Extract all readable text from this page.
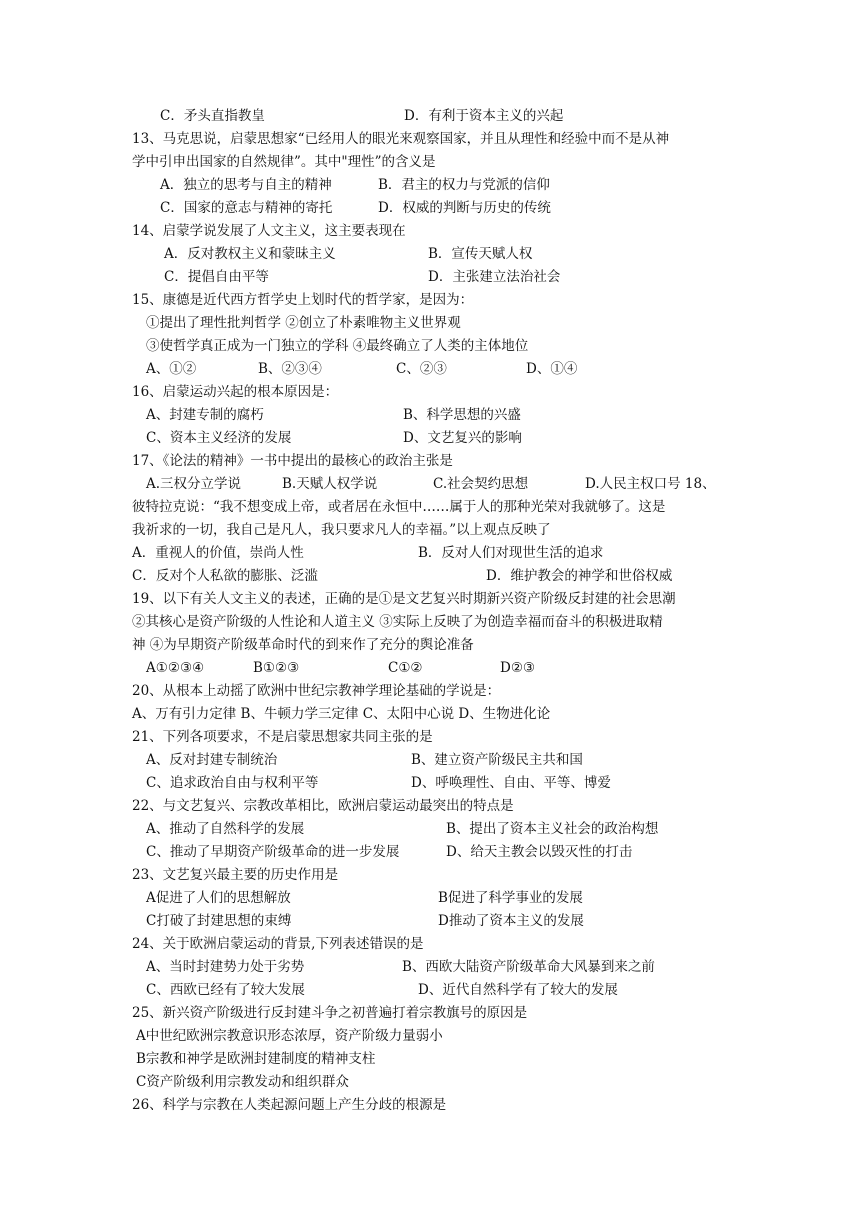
C．矛头直指教皇	D．有利于资本主义的兴起
13、马克思说，启蒙思想家“已经用人的眼光来观察国家，并且从理性和经验中而不是从神
学中引申出国家的自然规律”。其中"理性”的含义是
A．独立的思考与自主的精神	B．君主的权力与党派的信仰
C．国家的意志与精神的寄托	D．权威的判断与历史的传统
14、启蒙学说发展了人文主义，这主要表现在
A．反对教权主义和蒙昧主义	B．宣传天赋人权
C．提倡自由平等	D．主张建立法治社会
15、康德是近代西方哲学史上划时代的哲学家，是因为：
①提出了理性批判哲学 ②创立了朴素唯物主义世界观
③使哲学真正成为一门独立的学科 ④最终确立了人类的主体地位
A、①②	B、②③④	C、②③	D、①④
16、启蒙运动兴起的根本原因是：
A、封建专制的腐朽	B、科学思想的兴盛
C、资本主义经济的发展	D、文艺复兴的影响
17、《论法的精神》一书中提出的最核心的政治主张是
A.三权分立学说	B.天赋人权学说	C.社会契约思想	D.人民主权口号 18、
彼特拉克说：“我不想变成上帝，或者居在永恒中……属于人的那种光荣对我就够了。这是
我祈求的一切，我自己是凡人，我只要求凡人的幸福。”以上观点反映了
A．重视人的价值，崇尚人性	B．反对人们对现世生活的追求
C．反对个人私欲的膨胀、泛滥	D．维护教会的神学和世俗权威
19、以下有关人文主义的表述，正确的是①是文艺复兴时期新兴资产阶级反封建的社会思潮
②其核心是资产阶级的人性论和人道主义 ③实际上反映了为创造幸福而奋斗的积极进取精
神 ④为早期资产阶级革命时代的到来作了充分的舆论准备
A①②③④	B①②③	C①②	D②③
20、从根本上动摇了欧洲中世纪宗教神学理论基础的学说是：
A、万有引力定律 B、牛顿力学三定律 C、太阳中心说 D、生物进化论
21、下列各项要求，不是启蒙思想家共同主张的是
A、反对封建专制统治	B、建立资产阶级民主共和国
C、追求政治自由与权利平等	D、呼唤理性、自由、平等、博爱
22、与文艺复兴、宗教改革相比，欧洲启蒙运动最突出的特点是
A、推动了自然科学的发展	B、提出了资本主义社会的政治构想
C、推动了早期资产阶级革命的进一步发展	D、给天主教会以毁灭性的打击
23、文艺复兴最主要的历史作用是
A促进了人们的思想解放	B促进了科学事业的发展
C打破了封建思想的束缚	D推动了资本主义的发展
24、关于欧洲启蒙运动的背景,下列表述错误的是
A、当时封建势力处于劣势	B、西欧大陆资产阶级革命大风暴到来之前
C、西欧已经有了较大发展	D、近代自然科学有了较大的发展
25、新兴资产阶级进行反封建斗争之初普遍打着宗教旗号的原因是
A中世纪欧洲宗教意识形态浓厚，资产阶级力量弱小
B宗教和神学是欧洲封建制度的精神支柱
C资产阶级利用宗教发动和组织群众
26、科学与宗教在人类起源问题上产生分歧的根源是
